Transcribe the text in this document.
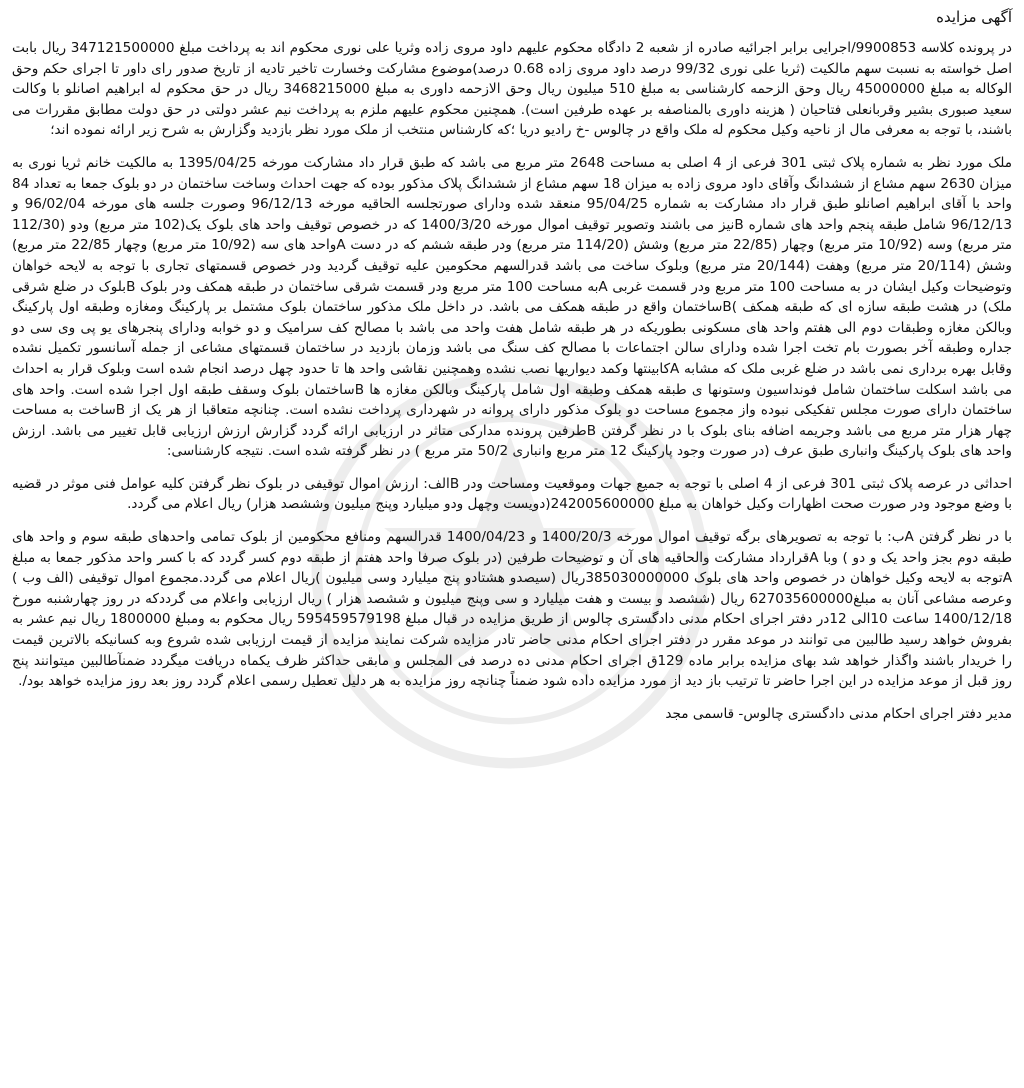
آگهی مزایده

در پرونده کلاسه 9900853/اجرایی برابر اجرائیه صادره از شعبه 2 دادگاه محکوم علیهم داود مروی زاده وثریا علی نوری محکوم اند به پرداخت مبلغ 347121500000 ریال بابت اصل خواسته به نسبت سهم مالکیت (ثریا علی نوری 99/32 درصد داود مروی زاده 0.68 درصد)موضوع مشارکت وخسارت تاخیر تادیه از تاریخ صدور رای داور تا اجرای حکم وحق الوکاله به مبلغ 45000000 ریال وحق الزحمه کارشناسی به مبلغ 510 میلیون ریال وحق الازحمه داوری به مبلغ 3468215000 ریال در حق محکوم له ابراهیم اصانلو با وکالت سعید صبوری بشیر وقربانعلی فتاحیان ( هزینه داوری بالمناصفه بر عهده طرفین است). همچنین محکوم علیهم ملزم به پرداخت نیم عشر دولتی در حق دولت مطابق مقررات می باشند، با توجه به معرفی مال از ناحیه وکیل محکوم له ملک واقع در چالوس -خ رادیو دریا ؛که کارشناس منتخب از ملک مورد نظر بازدید وگزارش به شرح زیر ارائه نموده اند؛

ملک مورد نظر به شماره پلاک ثبتی 301 فرعی از 4 اصلی به مساحت 2648 متر مربع می باشد که طبق قرار داد مشارکت مورخه 1395/04/25 به مالکیت خانم ثریا نوری به میزان 2630 سهم مشاع از ششدانگ وآقای داود مروی زاده به میزان 18 سهم مشاع از ششدانگ پلاک مذکور بوده که جهت احداث وساخت ساختمان در دو بلوک جمعا به تعداد 84 واحد با آقای ابراهیم اصانلو طبق قرار داد مشارکت به شماره 95/04/25 منعقد شده ودارای صورتجلسه الحاقیه مورخه 96/12/13 وصورت جلسه های مورخه 96/02/04 و 96/12/13 شامل طبقه پنجم واحد های شماره Bنیز می باشند وتصویر توقیف اموال مورخه 1400/3/20 که در خصوص توقیف واحد های بلوک یک(102 متر مربع) ودو (112/30 متر مربع) وسه (10/92 متر مربع) وچهار (22/85 متر مربع) وشش (114/20 متر مربع) ودر طبقه ششم که در دست Aواحد های سه (10/92 متر مربع) وچهار 22/85 متر مربع) وشش (20/114 متر مربع) وهفت (20/144 متر مربع) وبلوک ساخت می باشد قدرالسهم محکومین علیه توقیف گردید ودر خصوص قسمتهای تجاری با توجه به لایحه خواهان وتوضیحات وکیل ایشان در به مساحت 100 متر مربع ودر قسمت غربی Aبه مساحت 100 متر مربع ودر قسمت شرقی ساختمان در طبقه همکف ودر بلوک Bبلوک در ضلع شرقی ملک) در هشت طبقه سازه ای که طبقه همکف )Bساختمان واقع در طبقه همکف می باشد. در داخل ملک مذکور ساختمان بلوک مشتمل بر پارکینگ ومغازه وطبقه اول پارکینگ وبالکن مغازه وطبقات دوم الی هفتم واحد های مسکونی بطوریکه در هر طبقه شامل هفت واحد می باشد با مصالح کف سرامیک و دو خوابه ودارای پنجرهای یو پی وی سی دو جداره وطبقه آخر بصورت بام تخت اجرا شده ودارای سالن اجتماعات با مصالح کف سنگ می باشد وزمان بازدید در ساختمان قسمتهای مشاعی از جمله آسانسور تکمیل نشده وقابل بهره برداری نمی باشد در ضلع غربی ملک که مشابه Aکابینتها وکمد دیواریها نصب نشده وهمچنین نقاشی واحد ها تا حدود چهل درصد انجام شده است وبلوک قرار به احداث می باشد اسکلت ساختمان شامل فونداسیون وستونها ی طبقه همکف وطبقه اول شامل پارکینگ وبالکن مغازه ها Bساختمان بلوک وسقف طبقه اول اجرا شده است. واحد های ساختمان دارای صورت مجلس تفکیکی نبوده واز مجموع مساحت دو بلوک مذکور دارای پروانه در شهرداری پرداخت نشده است. چنانچه متعاقبا از هر یک از Bساخت به مساحت چهار هزار متر مربع می باشد وجریمه اضافه بنای بلوک با در نظر گرفتن Bطرفین پرونده مدارکی متاثر در ارزیابی ارائه گردد گزارش ارزش ارزیابی قابل تغییر می باشد. ارزش واحد های بلوک پارکینگ وانباری طبق عرف (در صورت وجود پارکینگ 12 متر مربع وانباری 50/2 متر مربع ) در نظر گرفته شده است. نتیجه کارشناسی:

احداثی در عرصه پلاک ثبتی 301 فرعی از 4 اصلی با توجه به جمیع جهات وموقعیت ومساحت ودر Bالف: ارزش اموال توقیفی در بلوک نظر گرفتن کلیه عوامل فنی موثر در قضیه با وضع موجود ودر صورت صحت اظهارات وکیل خواهان به مبلغ 242005600000(دویست وچهل ودو میلیارد وپنج میلیون وششصد هزار) ریال اعلام می گردد.

با در نظر گرفتن Aب: با توجه به تصویرهای برگه توقیف اموال مورخه 1400/20/3 و 1400/04/23 قدرالسهم ومنافع محکومین از بلوک تمامی واحدهای طبقه سوم و واحد های طبقه دوم بجز واحد یک و دو ) وبا Aقرارداد مشارکت والحاقیه های آن و توضیحات طرفین (در بلوک صرفا واحد هفتم از طبقه دوم کسر گردد که با کسر واحد مذکور جمعا به مبلغ Aتوجه به لایحه وکیل خواهان در خصوص واحد های بلوک 385030000000ریال (سیصدو هشتادو پنج میلیارد وسی میلیون )ریال اعلام می گردد.مجموع اموال توقیفی (الف وب ) وعرصه مشاعی آنان به مبلغ627035600000 ریال (ششصد و بیست و هفت میلیارد و سی وپنج میلیون و ششصد هزار ) ریال ارزیابی واعلام می گرددکه در روز چهارشنبه مورخ 1400/12/18 ساعت 10الی 12در دفتر اجرای احکام مدنی دادگستری چالوس از طریق مزایده در قبال مبلغ 595459579198 ریال محکوم به ومبلغ 1800000 ریال نیم عشر به بفروش خواهد رسید طالبین می توانند در موعد مقرر در دفتر اجرای احکام مدنی حاضر تادر مزایده شرکت نمایند مزایده از قیمت ارزیابی شده شروع وبه کسانیکه بالاترین قیمت را خریدار باشند واگذار خواهد شد بهای مزایده برابر ماده 129ق اجرای احکام مدنی ده درصد فی المجلس و مابقی حداکثر ظرف یکماه دریافت میگردد ضمنآطالبین میتوانند پنج روز قبل از موعد مزایده در این اجرا حاضر تا ترتیب باز دید از مورد مزایده داده شود ضمناً چنانچه روز مزایده به هر دلیل تعطیل رسمی اعلام گردد روز بعد روز مزایده خواهد بود/.

مدیر دفتر اجرای احکام مدنی دادگستری چالوس- قاسمی مجد
